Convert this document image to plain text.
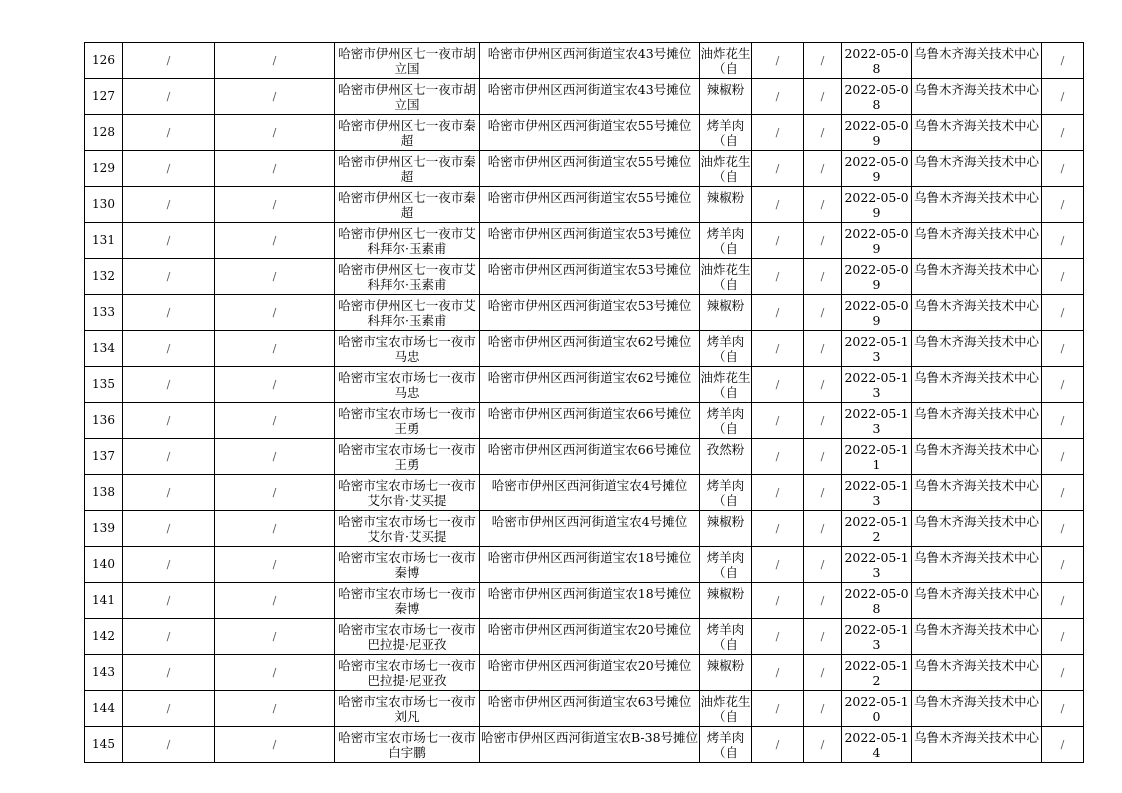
126	/	/	哈密市伊州区七一夜市胡立国	哈密市伊州区西河街道宝农43号摊位	油炸花生（自	/	/	2022-05-08	乌鲁木齐海关技术中心	/

127	/	/	哈密市伊州区七一夜市胡立国	哈密市伊州区西河街道宝农43号摊位	辣椒粉	/	/	2022-05-08	乌鲁木齐海关技术中心	/

128	/	/	哈密市伊州区七一夜市秦超	哈密市伊州区西河街道宝农55号摊位	烤羊肉（自	/	/	2022-05-09	乌鲁木齐海关技术中心	/

129	/	/	哈密市伊州区七一夜市秦超	哈密市伊州区西河街道宝农55号摊位	油炸花生（自	/	/	2022-05-09	乌鲁木齐海关技术中心	/

130	/	/	哈密市伊州区七一夜市秦超	哈密市伊州区西河街道宝农55号摊位	辣椒粉	/	/	2022-05-09	乌鲁木齐海关技术中心	/

131	/	/	哈密市伊州区七一夜市艾科拜尔·玉素甫	哈密市伊州区西河街道宝农53号摊位	烤羊肉（自	/	/	2022-05-09	乌鲁木齐海关技术中心	/

132	/	/	哈密市伊州区七一夜市艾科拜尔·玉素甫	哈密市伊州区西河街道宝农53号摊位	油炸花生（自	/	/	2022-05-09	乌鲁木齐海关技术中心	/

133	/	/	哈密市伊州区七一夜市艾科拜尔·玉素甫	哈密市伊州区西河街道宝农53号摊位	辣椒粉	/	/	2022-05-09	乌鲁木齐海关技术中心	/

134	/	/	哈密市宝农市场七一夜市马忠	哈密市伊州区西河街道宝农62号摊位	烤羊肉（自	/	/	2022-05-13	乌鲁木齐海关技术中心	/

135	/	/	哈密市宝农市场七一夜市马忠	哈密市伊州区西河街道宝农62号摊位	油炸花生（自	/	/	2022-05-13	乌鲁木齐海关技术中心	/

136	/	/	哈密市宝农市场七一夜市王勇	哈密市伊州区西河街道宝农66号摊位	烤羊肉（自	/	/	2022-05-13	乌鲁木齐海关技术中心	/

137	/	/	哈密市宝农市场七一夜市王勇	哈密市伊州区西河街道宝农66号摊位	孜然粉	/	/	2022-05-11	乌鲁木齐海关技术中心	/

138	/	/	哈密市宝农市场七一夜市艾尔肯·艾买提	哈密市伊州区西河街道宝农4号摊位	烤羊肉（自	/	/	2022-05-13	乌鲁木齐海关技术中心	/

139	/	/	哈密市宝农市场七一夜市艾尔肯·艾买提	哈密市伊州区西河街道宝农4号摊位	辣椒粉	/	/	2022-05-12	乌鲁木齐海关技术中心	/

140	/	/	哈密市宝农市场七一夜市秦博	哈密市伊州区西河街道宝农18号摊位	烤羊肉（自	/	/	2022-05-13	乌鲁木齐海关技术中心	/

141	/	/	哈密市宝农市场七一夜市秦博	哈密市伊州区西河街道宝农18号摊位	辣椒粉	/	/	2022-05-08	乌鲁木齐海关技术中心	/

142	/	/	哈密市宝农市场七一夜市巴拉提·尼亚孜	哈密市伊州区西河街道宝农20号摊位	烤羊肉（自	/	/	2022-05-13	乌鲁木齐海关技术中心	/

143	/	/	哈密市宝农市场七一夜市巴拉提·尼亚孜	哈密市伊州区西河街道宝农20号摊位	辣椒粉	/	/	2022-05-12	乌鲁木齐海关技术中心	/

144	/	/	哈密市宝农市场七一夜市刘凡	哈密市伊州区西河街道宝农63号摊位	油炸花生（自	/	/	2022-05-10	乌鲁木齐海关技术中心	/

145	/	/	哈密市宝农市场七一夜市白宇鹏	哈密市伊州区西河街道宝农B-38号摊位	烤羊肉（自	/	/	2022-05-14	乌鲁木齐海关技术中心	/
